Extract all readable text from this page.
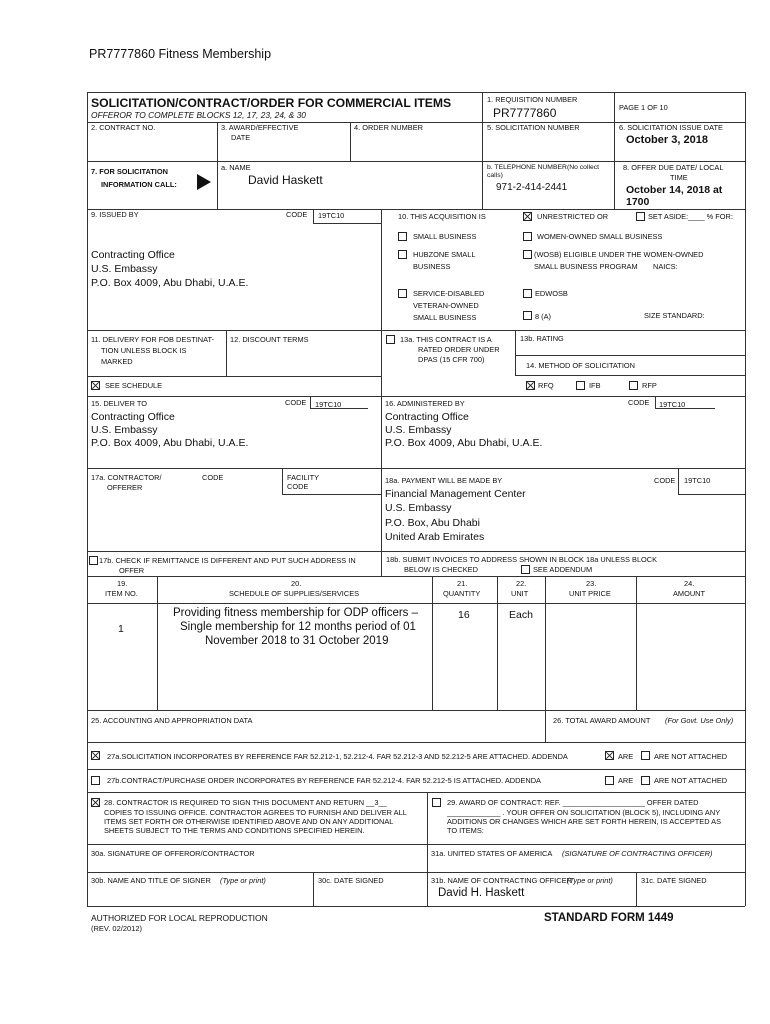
PR7777860 Fitness Membership
SOLICITATION/CONTRACT/ORDER FOR COMMERCIAL ITEMS
OFFEROR TO COMPLETE BLOCKS 12, 17, 23, 24, & 30
1. REQUISITION NUMBER
PR7777860	PAGE 1 OF 10
2. CONTRACT NO.	3. AWARD/EFFECTIVE
DATE
4. ORDER NUMBER	5. SOLICITATION NUMBER	6. SOLICITATION ISSUE DATE
October 3, 2018
7. FOR SOLICITATION
INFORMATION CALL:
a. NAME
David Haskett
b. TELEPHONE NUMBER(No collect
calls)
971-2-414-2441
8. OFFER DUE DATE/ LOCAL
TIME
October 14, 2018 at
1700
9. ISSUED BY	CODE 19TC10
Contracting Office
U.S. Embassy
P.O. Box 4009, Abu Dhabi, U.A.E.
10. THIS ACQUISITION IS	UNRESTRICTED OR	SET ASIDE:____ % FOR:
SMALL BUSINESS	WOMEN-OWNED SMALL BUSINESS
HUBZONE SMALL
BUSINESS
(WOSB) ELIGIBLE UNDER THE WOMEN-OWNED
SMALL BUSINESS PROGRAM NAICS:
SERVICE-DISABLED
VETERAN-OWNED
SMALL BUSINESS
EDWOSB
8 (A)	SIZE STANDARD:
11. DELIVERY FOR FOB DESTINAT-
TION UNLESS BLOCK IS
MARKED
12. DISCOUNT TERMS
SEE SCHEDULE
13a. THIS CONTRACT IS A
RATED ORDER UNDER
DPAS (15 CFR 700)
13b. RATING
14. METHOD OF SOLICITATION
RFQ	IFB	RFP
15. DELIVER TO	CODE 19TC10
Contracting Office
U.S. Embassy
P.O. Box 4009, Abu Dhabi, U.A.E.
16. ADMINISTERED BY	CODE 19TC10
Contracting Office
U.S. Embassy
P.O. Box 4009, Abu Dhabi, U.A.E.
17a. CONTRACTOR/
OFFERER
CODE	FACILITY
CODE
17b. CHECK IF REMITTANCE IS DIFFERENT AND PUT SUCH ADDRESS IN
OFFER
18a. PAYMENT WILL BE MADE BY	CODE 19TC10
Financial Management Center
U.S. Embassy
P.O. Box, Abu Dhabi
United Arab Emirates
18b. SUBMIT INVOICES TO ADDRESS SHOWN IN BLOCK 18a UNLESS BLOCK
BELOW IS CHECKED	SEE ADDENDUM
19.
ITEM NO.
20.
SCHEDULE OF SUPPLIES/SERVICES
21.
QUANTITY
22.
UNIT
23.
UNIT PRICE
24.
AMOUNT
1
Providing fitness membership for ODP officers –
Single membership for 12 months period of 01
November 2018 to 31 October 2019
16	Each
25. ACCOUNTING AND APPROPRIATION DATA	26. TOTAL AWARD AMOUNT (For Govt. Use Only)
27a.SOLICITATION INCORPORATES BY REFERENCE FAR 52.212-1, 52.212-4. FAR 52.212-3 AND 52.212-5 ARE ATTACHED. ADDENDA	ARE	ARE NOT ATTACHED
27b.CONTRACT/PURCHASE ORDER INCORPORATES BY REFERENCE FAR 52.212-4. FAR 52.212-5 IS ATTACHED. ADDENDA	ARE	ARE NOT ATTACHED
28. CONTRACTOR IS REQUIRED TO SIGN THIS DOCUMENT AND RETURN __3__
COPIES TO ISSUING OFFICE. CONTRACTOR AGREES TO FURNISH AND DELIVER ALL
ITEMS SET FORTH OR OTHERWISE IDENTIFIED ABOVE AND ON ANY ADDITIONAL
SHEETS SUBJECT TO THE TERMS AND CONDITIONS SPECIFIED HEREIN.
29. AWARD OF CONTRACT: REF. ____________________ OFFER DATED
_____________ . YOUR OFFER ON SOLICITATION (BLOCK 5), INCLUDING ANY
ADDITIONS OR CHANGES WHICH ARE SET FORTH HEREIN, IS ACCEPTED AS
TO ITEMS:
30a. SIGNATURE OF OFFEROR/CONTRACTOR	31a. UNITED STATES OF AMERICA (SIGNATURE OF CONTRACTING OFFICER)
30b. NAME AND TITLE OF SIGNER (Type or print)	30c. DATE SIGNED	31b. NAME OF CONTRACTING OFFICER
(Type or print)
David H. Haskett
31c. DATE SIGNED
AUTHORIZED FOR LOCAL REPRODUCTION
(REV. 02/2012)
STANDARD FORM 1449
